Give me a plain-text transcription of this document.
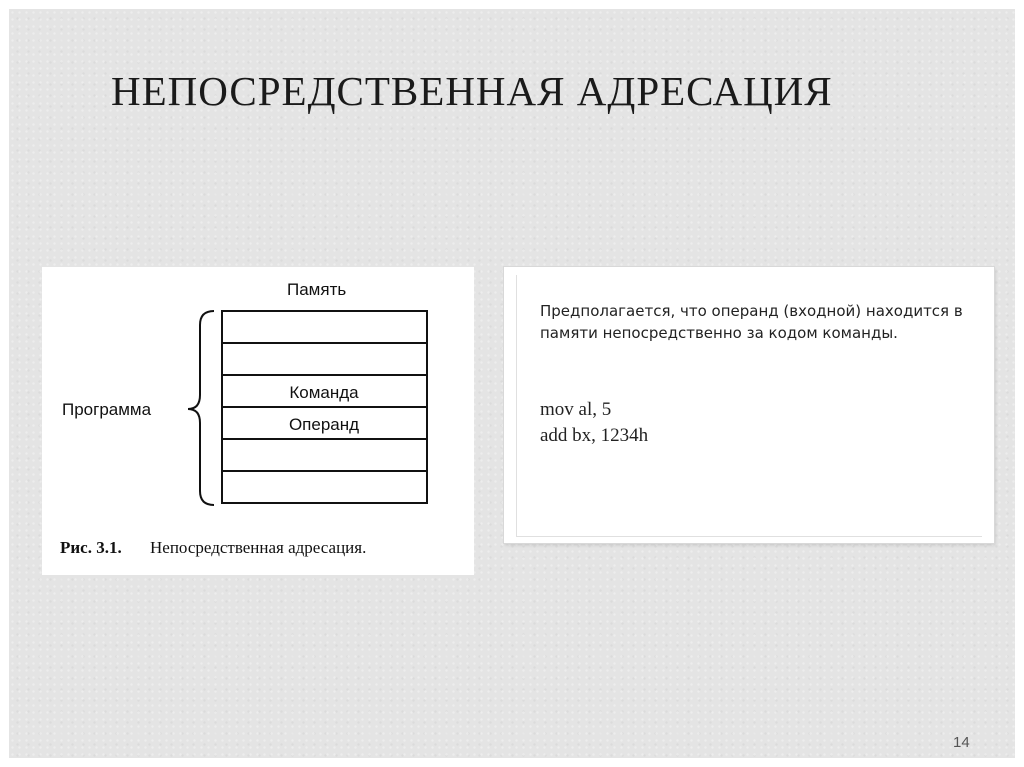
НЕПОСРЕДСТВЕННАЯ АДРЕСАЦИЯ
Память
Команда
Операнд
Программа
Рис. 3.1. Непосредственная адресация.
Предполагается, что операнд (входной) находится в памяти непосредственно за кодом команды.
mov al, 5
add bx, 1234h
14
